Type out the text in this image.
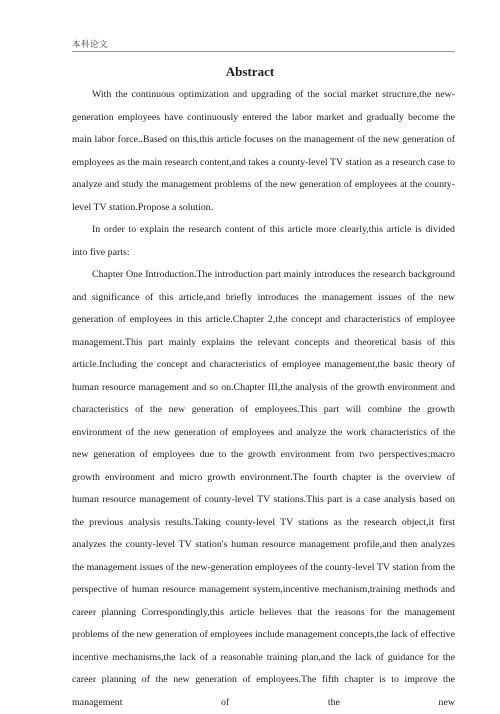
本科论文
Abstract

With the continuous optimization and upgrading of the social market structure,the new-generation employees have continuously entered the labor market and gradually become the main labor force..Based on this,this article focuses on the management of the new generation of employees as the main research content,and takes a county-level TV station as a research case to analyze and study the management problems of the new generation of employees at the county-level TV station.Propose a solution.

In order to explain the research content of this article more clearly,this article is divided into five parts:

Chapter One Introduction.The introduction part mainly introduces the research background and significance of this article,and briefly introduces the management issues of the new generation of employees in this article.Chapter 2,the concept and characteristics of employee management.This part mainly explains the relevant concepts and theoretical basis of this article.Including the concept and characteristics of employee management,the basic theory of human resource management and so on.Chapter III,the analysis of the growth environment and characteristics of the new generation of employees.This part will combine the growth environment of the new generation of employees and analyze the work characteristics of the new generation of employees due to the growth environment from two perspectives:macro growth environment and micro growth environment.The fourth chapter is the overview of human resource management of county-level TV stations.This part is a case analysis based on the previous analysis results.Taking county-level TV stations as the research object,it first analyzes the county-level TV station's human resource management profile,and then analyzes the management issues of the new-generation employees of the county-level TV station from the perspective of human resource management system,incentive mechanism,training methods and career planning Correspondingly,this article believes that the reasons for the management problems of the new generation of employees include management concepts,the lack of effective incentive mechanisms,the lack of a reasonable training plan,and the lack of guidance for the career planning of the new generation of employees.The fifth chapter is to improve the management of the new
